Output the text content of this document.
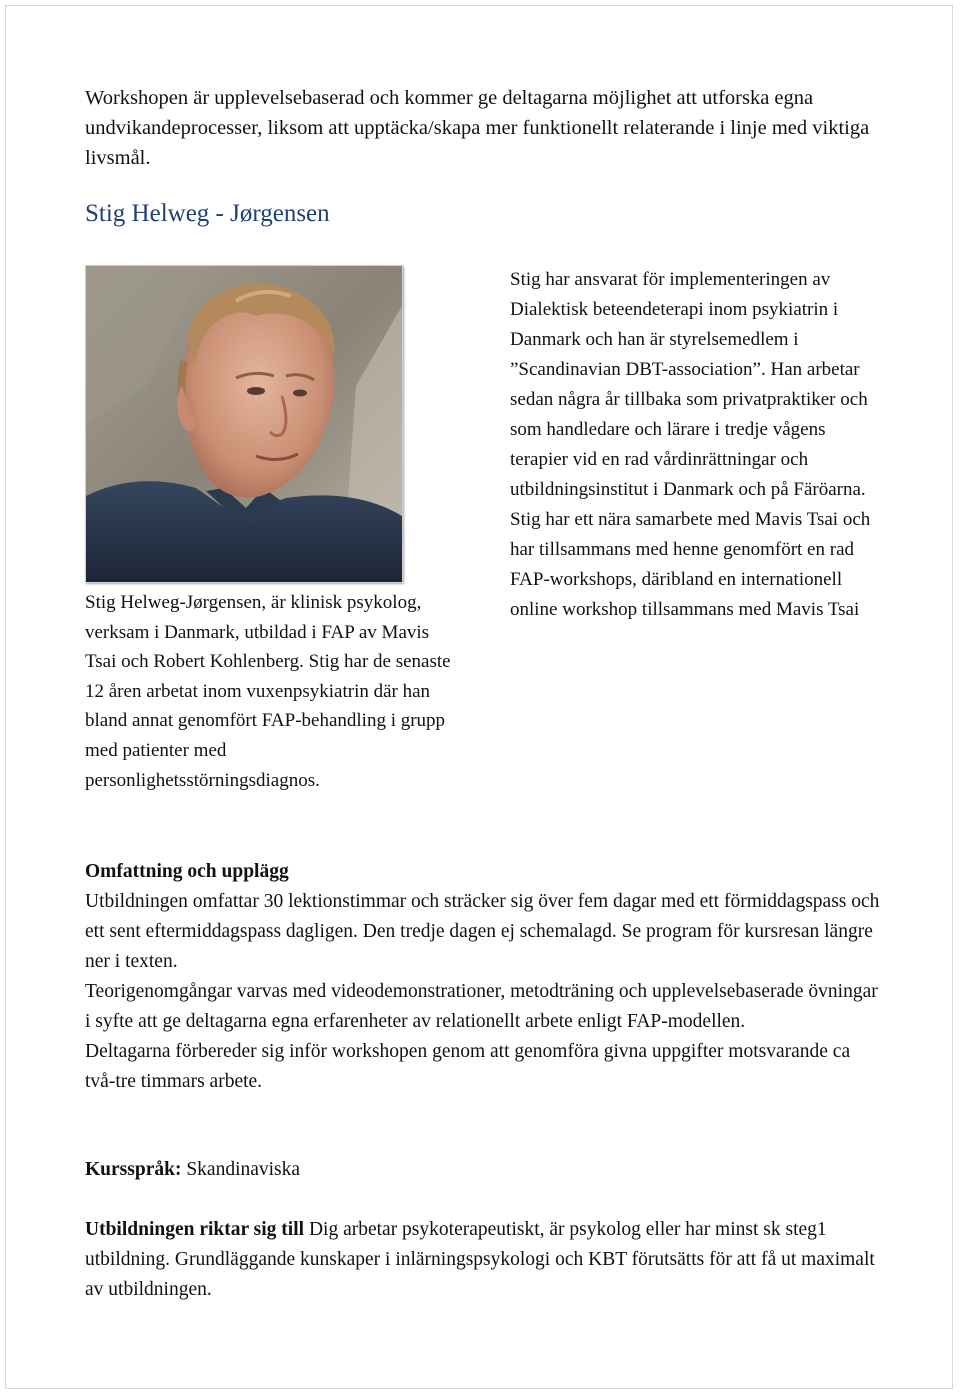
Workshopen är upplevelsebaserad och kommer ge deltagarna möjlighet att utforska egna undvikandeprocesser, liksom att upptäcka/skapa mer funktionellt relaterande i linje med viktiga livsmål.

Stig Helweg - Jørgensen

Stig Helweg-Jørgensen, är klinisk psykolog, verksam i Danmark, utbildad i FAP av Mavis Tsai och Robert Kohlenberg. Stig har de senaste 12 åren arbetat inom vuxenpsykiatrin där han bland annat genomfört FAP-behandling i grupp med patienter med personlighetsstörningsdiagnos.

Stig har ansvarat för implementeringen av Dialektisk beteendeterapi inom psykiatrin i Danmark och han är styrelsemedlem i ”Scandinavian DBT-association”. Han arbetar sedan några år tillbaka som privatpraktiker och som handledare och lärare i tredje vågens terapier vid en rad vårdinrättningar och utbildningsinstitut i Danmark och på Färöarna.

Stig har ett nära samarbete med Mavis Tsai och har tillsammans med henne genomfört en rad FAP-workshops, däribland en internationell online workshop tillsammans med Mavis Tsai

Omfattning och upplägg

Utbildningen omfattar 30 lektionstimmar och sträcker sig över fem dagar med ett förmiddagspass och ett sent eftermiddagspass dagligen. Den tredje dagen ej schemalagd. Se program för kursresan längre ner i texten.

Teorigenomgångar varvas med videodemonstrationer, metodträning och upplevelsebaserade övningar i syfte att ge deltagarna egna erfarenheter av relationellt arbete enligt FAP-modellen.

Deltagarna förbereder sig inför workshopen genom att genomföra givna uppgifter motsvarande ca två-tre timmars arbete.

Kursspråk: Skandinaviska

Utbildningen riktar sig till Dig arbetar psykoterapeutiskt, är psykolog eller har minst sk steg1 utbildning. Grundläggande kunskaper i inlärningspsykologi och KBT förutsätts för att få ut maximalt av utbildningen.
